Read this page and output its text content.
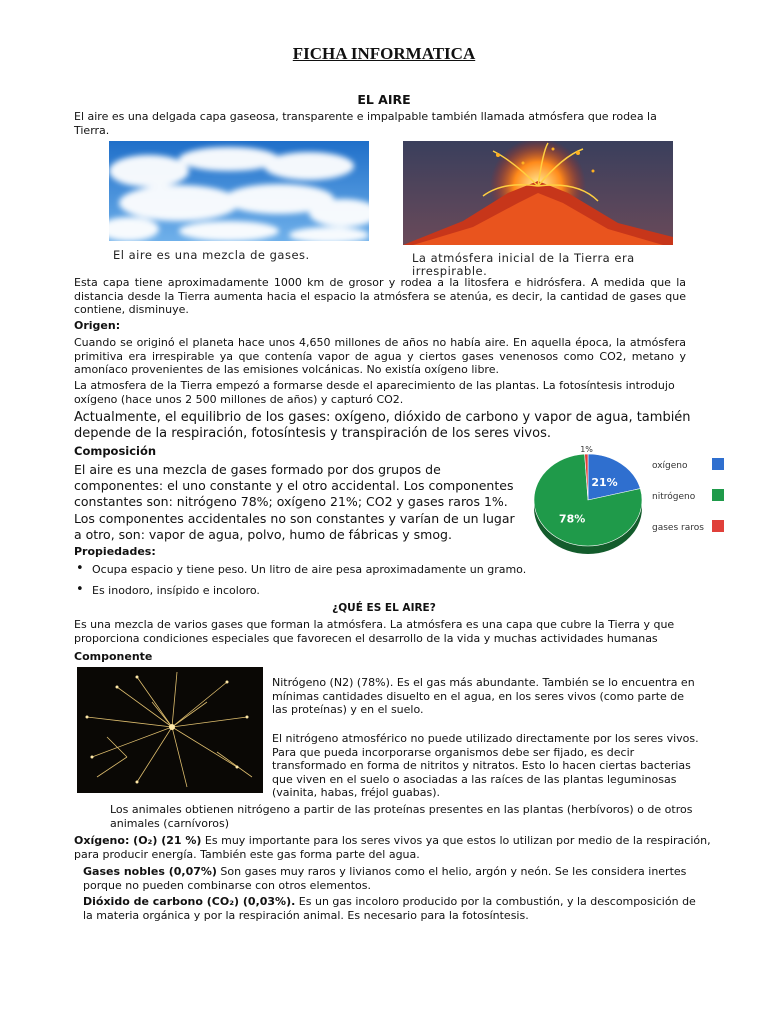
FICHA INFORMATICA
EL AIRE
El aire es una delgada capa gaseosa, transparente e impalpable también llamada atmósfera que rodea la Tierra.
El aire es una mezcla de gases.	La atmósfera inicial de la Tierra era irrespirable.
Esta capa tiene aproximadamente 1000 km de grosor y rodea a la litosfera e hidrósfera. A medida que la distancia desde la Tierra aumenta hacia el espacio la atmósfera se atenúa, es decir, la cantidad de gases que contiene, disminuye.
Origen:
Cuando se originó el planeta hace unos 4,650 millones de años no había aire. En aquella época, la atmósfera primitiva era irrespirable ya que contenía vapor de agua y ciertos gases venenosos como CO2, metano y amoníaco provenientes de las emisiones volcánicas. No existía oxígeno libre.
La atmosfera de la Tierra empezó a formarse desde el aparecimiento de las plantas. La fotosíntesis introdujo oxígeno (hace unos 2 500 millones de años) y capturó CO2.
Actualmente, el equilibrio de los gases: oxígeno, dióxido de carbono y vapor de agua, también depende de la respiración, fotosíntesis y transpiración de los seres vivos.
Composición
El aire es una mezcla de gases formado por dos grupos de componentes: el uno constante y el otro accidental. Los componentes constantes son: nitrógeno 78%; oxígeno 21%; CO2 y gases raros 1%.
Los componentes accidentales no son constantes y varían de un lugar a otro, son: vapor de agua, polvo, humo de fábricas y smog.
21%
78%
1%
oxígeno
nitrógeno
gases raros
Propiedades:
• Ocupa espacio y tiene peso. Un litro de aire pesa aproximadamente un gramo.
• Es inodoro, insípido e incoloro.
¿QUÉ ES EL AIRE?
Es una mezcla de varios gases que forman la atmósfera. La atmósfera es una capa que cubre la Tierra y que proporciona condiciones especiales que favorecen el desarrollo de la vida y muchas actividades humanas
Componente
Nitrógeno (N2) (78%). Es el gas más abundante. También se lo encuentra en mínimas cantidades disuelto en el agua, en los seres vivos (como parte de las proteínas) y en el suelo.
El nitrógeno atmosférico no puede utilizado directamente por los seres vivos. Para que pueda incorporarse organismos debe ser fijado, es decir transformado en forma de nitritos y nitratos. Esto lo hacen ciertas bacterias que viven en el suelo o asociadas a las raíces de las plantas leguminosas (vainita, habas, fréjol guabas).
Los animales obtienen nitrógeno a partir de las proteínas presentes en las plantas (herbívoros) o de otros animales (carnívoros)
Oxígeno: (O₂) (21 %) Es muy importante para los seres vivos ya que estos lo utilizan por medio de la respiración, para producir energía. También este gas forma parte del agua.
Gases nobles (0,07%) Son gases muy raros y livianos como el helio, argón y neón. Se les considera inertes porque no pueden combinarse con otros elementos.
Dióxido de carbono (CO₂) (0,03%). Es un gas incoloro producido por la combustión, y la descomposición de la materia orgánica y por la respiración animal. Es necesario para la fotosíntesis.
